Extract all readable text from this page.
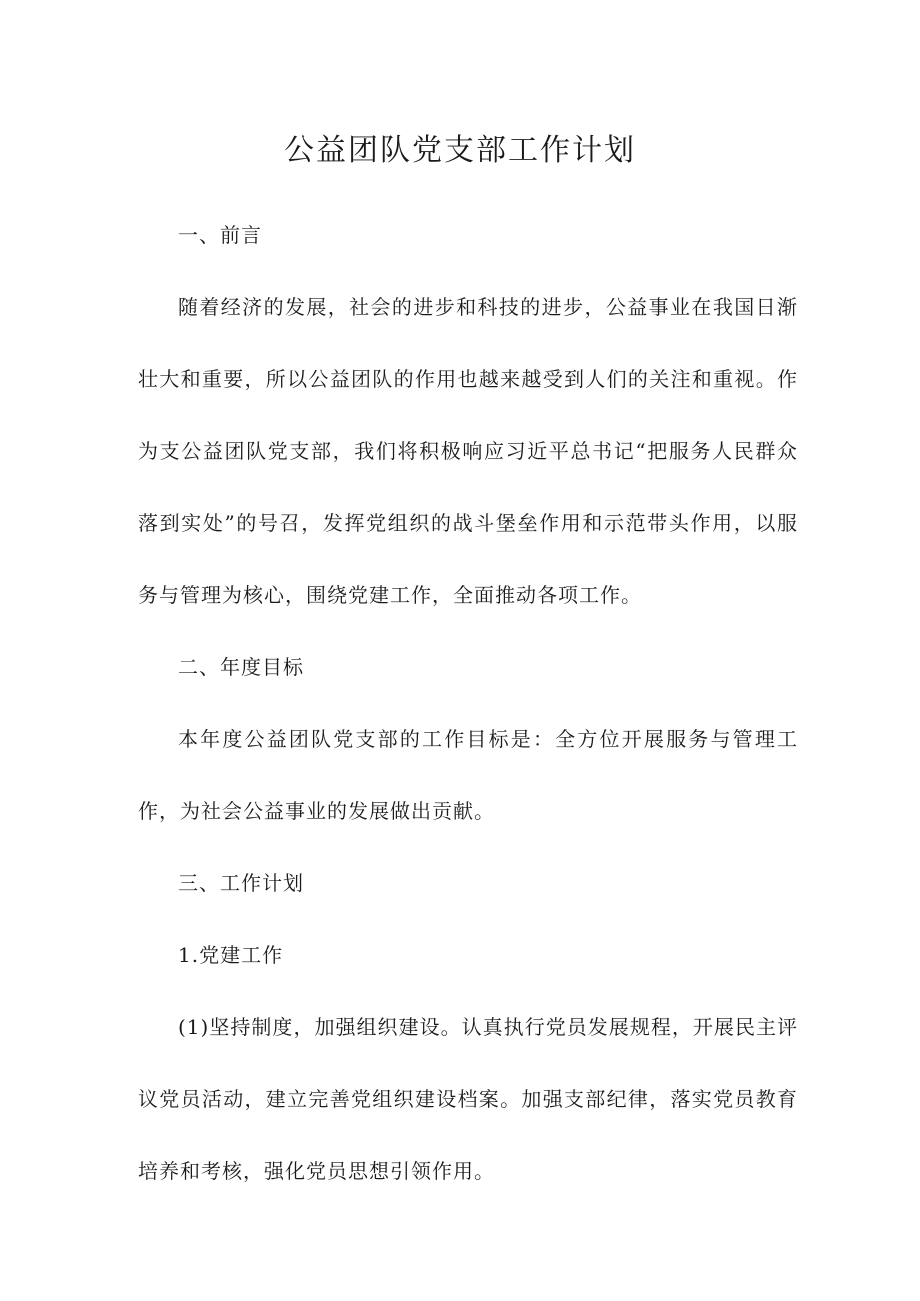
公益团队党支部工作计划

一、前言

随着经济的发展，社会的进步和科技的进步，公益事业在我国日渐壮大和重要，所以公益团队的作用也越来越受到人们的关注和重视。作为支公益团队党支部，我们将积极响应习近平总书记“把服务人民群众落到实处”的号召，发挥党组织的战斗堡垒作用和示范带头作用，以服务与管理为核心，围绕党建工作，全面推动各项工作。

二、年度目标

本年度公益团队党支部的工作目标是：全方位开展服务与管理工作，为社会公益事业的发展做出贡献。

三、工作计划

1.党建工作

(1)坚持制度，加强组织建设。认真执行党员发展规程，开展民主评议党员活动，建立完善党组织建设档案。加强支部纪律，落实党员教育培养和考核，强化党员思想引领作用。
